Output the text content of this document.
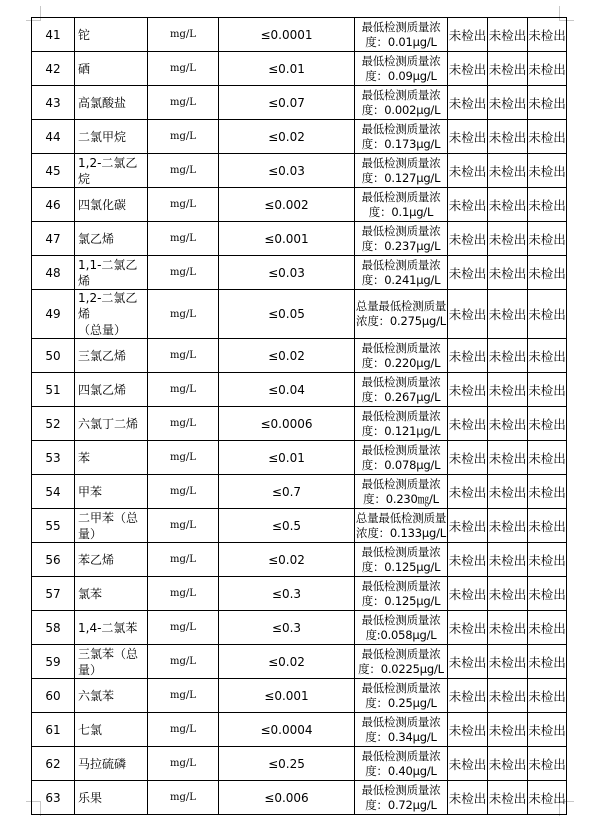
41	铊	mg/L	≤0.0001	最低检测质量浓
度：0.01μg/L	未检出	未检出	未检出
42	硒	mg/L	≤0.01	最低检测质量浓
度：0.09μg/L	未检出	未检出	未检出
43	高氯酸盐	mg/L	≤0.07	最低检测质量浓
度：0.002μg/L	未检出	未检出	未检出
44	二氯甲烷	mg/L	≤0.02	最低检测质量浓
度：0.173μg/L	未检出	未检出	未检出
45	1,2-二氯乙烷	mg/L	≤0.03	最低检测质量浓
度：0.127μg/L	未检出	未检出	未检出
46	四氯化碳	mg/L	≤0.002	最低检测质量浓
度：0.1μg/L	未检出	未检出	未检出
47	氯乙烯	mg/L	≤0.001	最低检测质量浓
度：0.237μg/L	未检出	未检出	未检出
48	1,1-二氯乙烯	mg/L	≤0.03	最低检测质量浓
度：0.241μg/L	未检出	未检出	未检出
49	1,2-二氯乙烯
（总量）	mg/L	≤0.05	总量最低检测质量
浓度：0.275μg/L	未检出	未检出	未检出
50	三氯乙烯	mg/L	≤0.02	最低检测质量浓
度：0.220μg/L	未检出	未检出	未检出
51	四氯乙烯	mg/L	≤0.04	最低检测质量浓
度：0.267μg/L	未检出	未检出	未检出
52	六氯丁二烯	mg/L	≤0.0006	最低检测质量浓
度：0.121μg/L	未检出	未检出	未检出
53	苯	mg/L	≤0.01	最低检测质量浓
度：0.078μg/L	未检出	未检出	未检出
54	甲苯	mg/L	≤0.7	最低检测质量浓
度：0.230㎎/L	未检出	未检出	未检出
55	二甲苯（总量）	mg/L	≤0.5	总量最低检测质量
浓度：0.133μg/L	未检出	未检出	未检出
56	苯乙烯	mg/L	≤0.02	最低检测质量浓
度：0.125μg/L	未检出	未检出	未检出
57	氯苯	mg/L	≤0.3	最低检测质量浓
度：0.125μg/L	未检出	未检出	未检出
58	1,4-二氯苯	mg/L	≤0.3	最低检测质量浓
度:0.058μg/L	未检出	未检出	未检出
59	三氯苯（总量）	mg/L	≤0.02	最低检测质量浓
度：0.0225μg/L	未检出	未检出	未检出
60	六氯苯	mg/L	≤0.001	最低检测质量浓
度：0.25μg/L	未检出	未检出	未检出
61	七氯	mg/L	≤0.0004	最低检测质量浓
度：0.34μg/L	未检出	未检出	未检出
62	马拉硫磷	mg/L	≤0.25	最低检测质量浓
度：0.40μg/L	未检出	未检出	未检出
63	乐果	mg/L	≤0.006	最低检测质量浓
度：0.72μg/L	未检出	未检出	未检出
